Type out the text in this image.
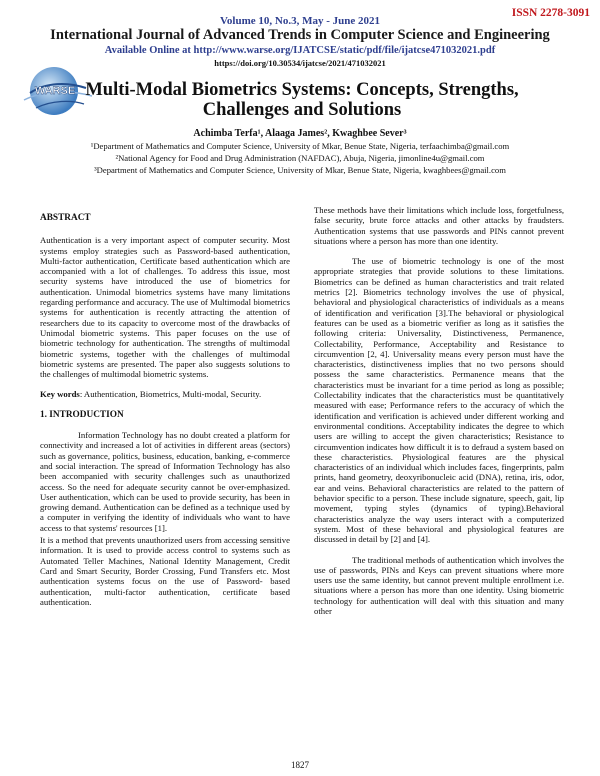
ISSN 2278-3091
Volume 10, No.3, May - June 2021
International Journal of Advanced Trends in Computer Science and Engineering
Available Online at http://www.warse.org/IJATCSE/static/pdf/file/ijatcse471032021.pdf
https://doi.org/10.30534/ijatcse/2021/471032021
WARSE Multi-Modal Biometrics Systems: Concepts, Strengths,
Challenges and Solutions
Achimba Terfa¹, Alaaga James², Kwaghbee Sever³
¹Department of Mathematics and Computer Science, University of Mkar, Benue State, Nigeria, terfaachimba@gmail.com
²National Agency for Food and Drug Administration (NAFDAC), Abuja, Nigeria, jimonline4u@gmail.com
³Department of Mathematics and Computer Science, University of Mkar, Benue State, Nigeria, kwaghbees@gmail.com

ABSTRACT

Authentication is a very important aspect of computer security. Most systems employ strategies such as Password-based authentication, Multi-factor authentication, Certificate based authentication which are accompanied with a lot of challenges. To address this issue, most security systems have introduced the use of biometrics for authentication. Unimodal biometrics systems have many limitations regarding performance and accuracy. The use of Multimodal biometrics systems for authentication is recently attracting the attention of researchers due to its capacity to overcome most of the drawbacks of Unimodal biometric systems. This paper focuses on the use of biometric technology for authentication. The strengths of multimodal biometric systems, together with the challenges of multimodal biometric systems are presented. The paper also suggests solutions to the challenges of multimodal biometric systems.

Key words: Authentication, Biometrics, Multi-modal, Security.

1. INTRODUCTION

Information Technology has no doubt created a platform for connectivity and increased a lot of activities in different areas (sectors) such as governance, politics, business, education, banking, e-commerce and social interaction. The spread of Information Technology has also been accompanied with security challenges such as unauthorized access. So the need for adequate security cannot be over-emphasized. User authentication, which can be used to provide security, has been in growing demand. Authentication can be defined as a technique used by a computer in verifying the identity of individuals who want to have access to that systems' resources [1].

It is a method that prevents unauthorized users from accessing sensitive information. It is used to provide access control to systems such as Automated Teller Machines, National Identity Management, Credit Card and Smart Security, Border Crossing, Fund Transfers etc. Most authentication systems focus on the use of Password- based authentication, multi-factor authentication, certificate based authentication.

These methods have their limitations which include loss, forgetfulness, false security, brute force attacks and other attacks by fraudsters. Authentication systems that use passwords and PINs cannot prevent situations where a person has more than one identity.

The use of biometric technology is one of the most appropriate strategies that provide solutions to these limitations. Biometrics can be defined as human characteristics and trait related metrics [2]. Biometrics technology involves the use of physical, behavioral and physiological characteristics of individuals as a means of identification and verification [3].The behavioral or physiological features can be used as a biometric verifier as long as it satisfies the following criteria: Universality, Distinctiveness, Permanence, Collectability, Performance, Acceptability and Resistance to circumvention [2, 4]. Universality means every person must have the characteristics, distinctiveness implies that no two persons should possess the same characteristics. Permanence means that the characteristics must be invariant for a time period as long as possible; Collectability indicates that the characteristics must be quantitatively measured with ease; Performance refers to the accuracy of which the identification and verification is achieved under different working and environmental conditions. Acceptability indicates the degree to which users are willing to accept the given characteristics; Resistance to circumvention indicates how difficult it is to defraud a system based on these characteristics. Physiological features are the physical characteristics of an individual which includes faces, fingerprints, palm prints, hand geometry, deoxyribonucleic acid (DNA), retina, iris, odor, ear and veins. Behavioral characteristics are related to the pattern of behavior specific to a person. These include signature, speech, gait, lip movement, typing styles (dynamics of typing).Behavioral characteristics analyze the way users interact with a computerized system. Most of these behavioral and physiological features are discussed in detail by [2] and [4].

The traditional methods of authentication which involves the use of passwords, PINs and Keys can prevent situations where more users use the same identity, but cannot prevent multiple enrollment i.e. situations where a person has more than one identity. Using biometric technology for authentication will deal with this situation and many other

1827
